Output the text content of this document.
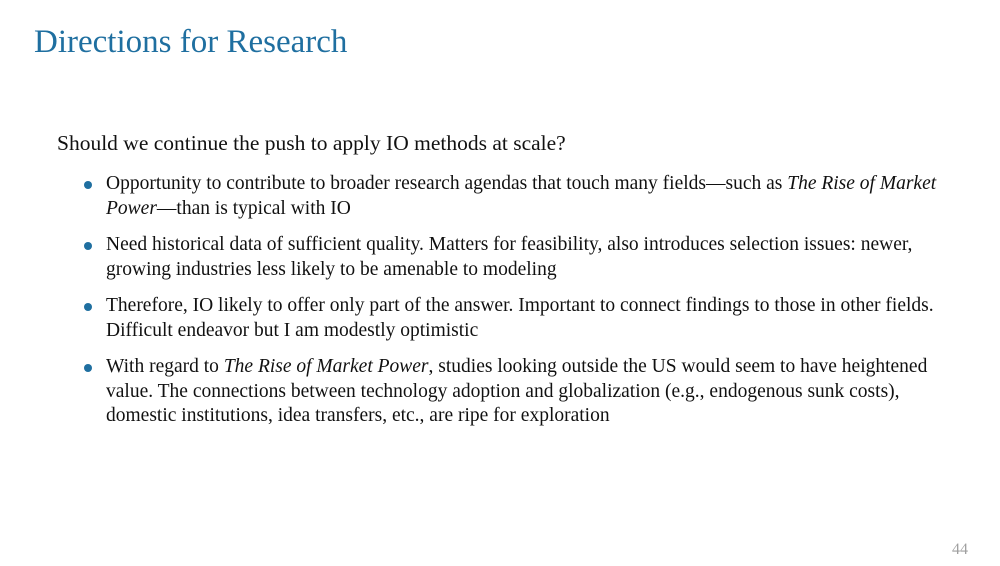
Directions for Research

Should we continue the push to apply IO methods at scale?

Opportunity to contribute to broader research agendas that touch many fields—such as The Rise of Market Power—than is typical with IO
Need historical data of sufficient quality. Matters for feasibility, also introduces selection issues: newer, growing industries less likely to be amenable to modeling
Therefore, IO likely to offer only part of the answer. Important to connect findings to those in other fields. Difficult endeavor but I am modestly optimistic
With regard to The Rise of Market Power, studies looking outside the US would seem to have heightened value. The connections between technology adoption and globalization (e.g., endogenous sunk costs), domestic institutions, idea transfers, etc., are ripe for exploration
44
